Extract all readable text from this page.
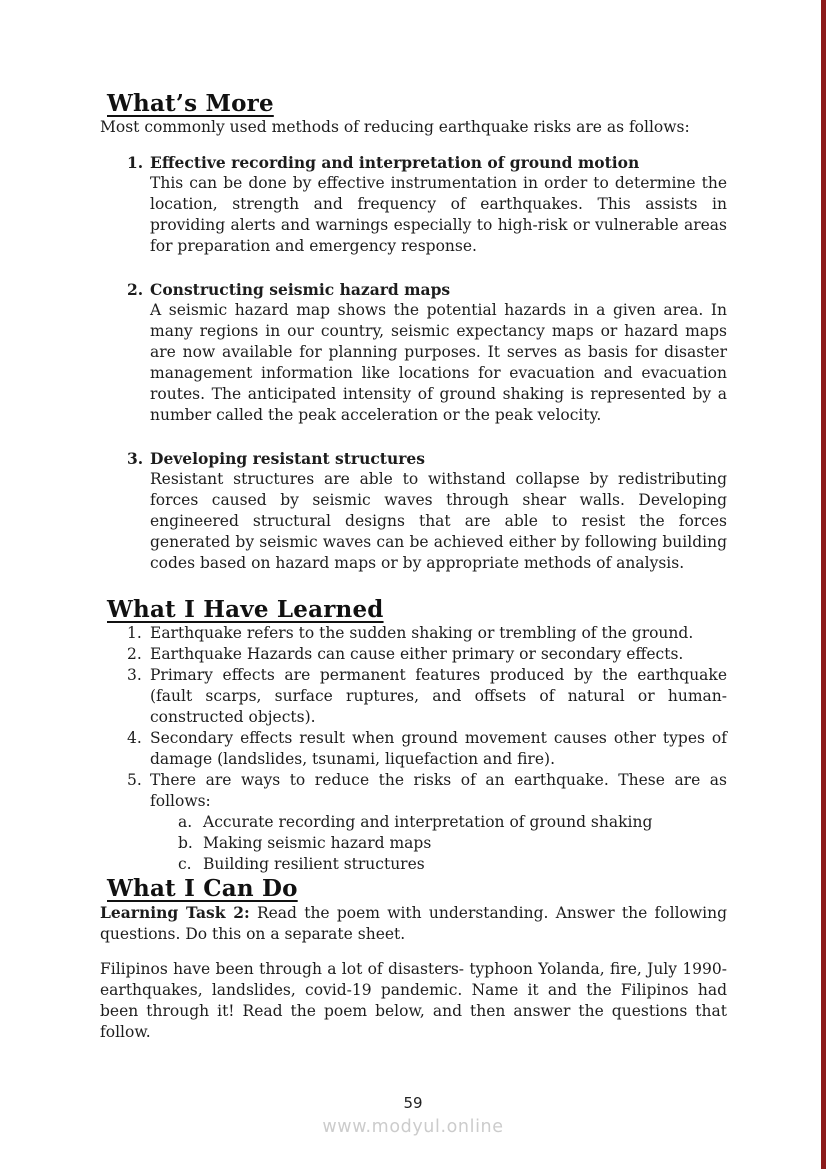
What’s More

Most commonly used methods of reducing earthquake risks are as follows:

1. Effective recording and interpretation of ground motion
This can be done by effective instrumentation in order to determine the location, strength and frequency of earthquakes. This assists in providing alerts and warnings especially to high-risk or vulnerable areas for preparation and emergency response.
2. Constructing seismic hazard maps
A seismic hazard map shows the potential hazards in a given area. In many regions in our country, seismic expectancy maps or hazard maps are now available for planning purposes. It serves as basis for disaster management information like locations for evacuation and evacuation routes. The anticipated intensity of ground shaking is represented by a number called the peak acceleration or the peak velocity.
3. Developing resistant structures
Resistant structures are able to withstand collapse by redistributing forces caused by seismic waves through shear walls. Developing engineered structural designs that are able to resist the forces generated by seismic waves can be achieved either by following building codes based on hazard maps or by appropriate methods of analysis.
What I Have Learned
1. Earthquake refers to the sudden shaking or trembling of the ground.
2. Earthquake Hazards can cause either primary or secondary effects.
3. Primary effects are permanent features produced by the earthquake (fault scarps, surface ruptures, and offsets of natural or human-constructed objects).
4. Secondary effects result when ground movement causes other types of damage (landslides, tsunami, liquefaction and fire).
5. There are ways to reduce the risks of an earthquake. These are as follows:
a. Accurate recording and interpretation of ground shaking
b. Making seismic hazard maps
c. Building resilient structures
What I Can Do

Learning Task 2: Read the poem with understanding. Answer the following questions. Do this on a separate sheet.

Filipinos have been through a lot of disasters- typhoon Yolanda, fire, July 1990- earthquakes, landslides, covid-19 pandemic. Name it and the Filipinos had been through it! Read the poem below, and then answer the questions that follow.

59
www.modyul.online
